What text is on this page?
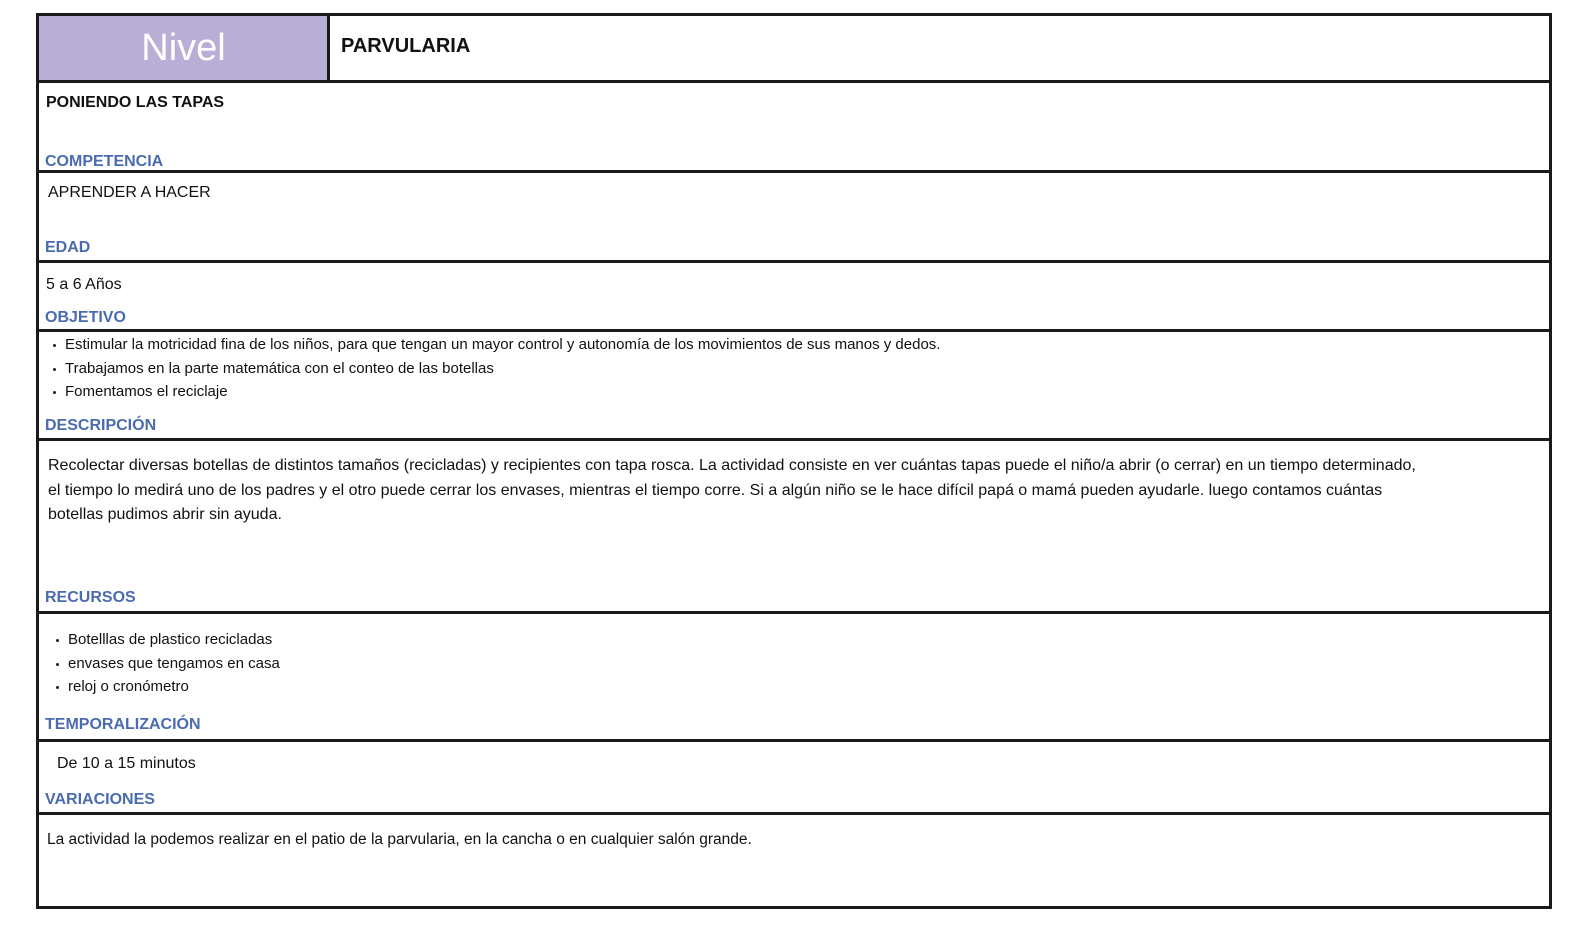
Nivel	PARVULARIA
PONIENDO LAS TAPAS
COMPETENCIA
APRENDER A HACER
EDAD
5 a 6 Años
OBJETIVO
Estimular la motricidad fina de los niños, para que tengan un mayor control y autonomía de los movimientos de sus manos y dedos.
Trabajamos en la parte matemática con el conteo de las botellas
Fomentamos el reciclaje
DESCRIPCIÓN
Recolectar diversas botellas de distintos tamaños (recicladas) y recipientes con tapa rosca. La actividad consiste en ver cuántas tapas puede el niño/a abrir (o cerrar) en un tiempo determinado, el tiempo lo medirá uno de los padres y el otro puede cerrar los envases, mientras el tiempo corre. Si a algún niño se le hace difícil papá o mamá pueden ayudarle. luego contamos cuántas botellas pudimos abrir sin ayuda.
RECURSOS
Botelllas de plastico recicladas
envases que tengamos en casa
reloj o cronómetro
TEMPORALIZACIÓN
De 10 a 15 minutos
VARIACIONES
La actividad la podemos realizar en el patio de la parvularia, en la cancha o en cualquier salón grande.
